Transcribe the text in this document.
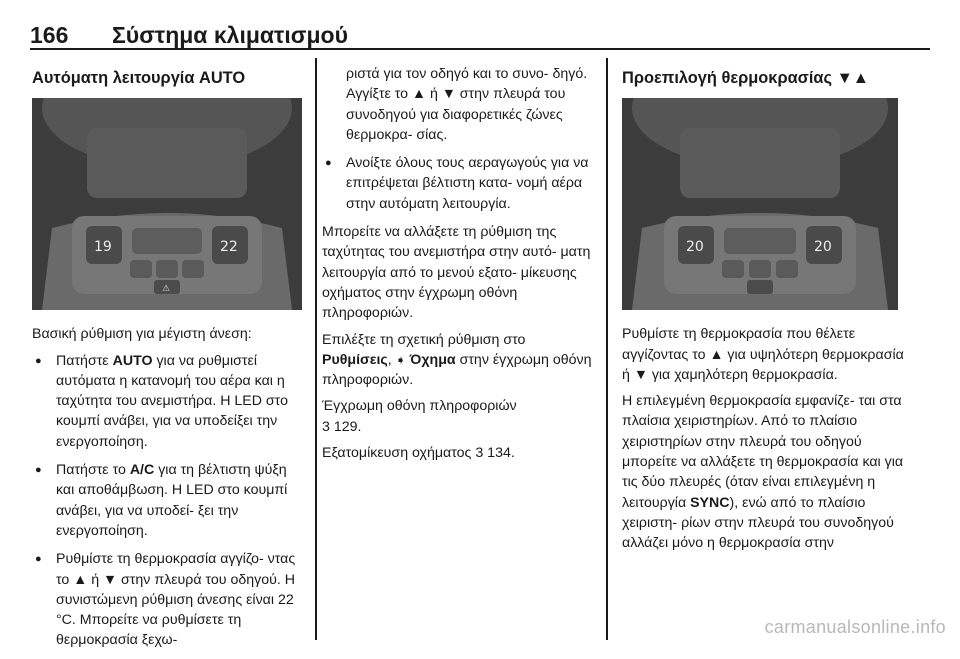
166 Σύστημα κλιματισμού
Αυτόματη λειτουργία AUTO
19	22
⚠

Βασική ρύθμιση για μέγιστη άνεση:

● Πατήστε AUTO για να ρυθμιστεί αυτόματα η κατανομή του αέρα και η ταχύτητα του ανεμιστήρα. Η LED στο κουμπί ανάβει, για να υποδείξει την ενεργοποίηση.
● Πατήστε το A/C για τη βέλτιστη ψύξη και αποθάμβωση. Η LED στο κουμπί ανάβει, για να υποδεί‐ ξει την ενεργοποίηση.
● Ρυθμίστε τη θερμοκρασία αγγίζο‐ ντας το ▲ ή ▼ στην πλευρά του οδηγού. Η συνιστώμενη ρύθμιση άνεσης είναι 22 °C. Μπορείτε να ρυθμίσετε τη θερμοκρασία ξεχω‐
ριστά για τον οδηγό και το συνο‐ δηγό. Αγγίξτε το ▲ ή ▼ στην πλευρά του συνοδηγού για διαφορετικές ζώνες θερμοκρα‐ σίας.
● Ανοίξτε όλους τους αεραγωγούς για να επιτρέψεται βέλτιστη κατα‐ νομή αέρα στην αυτόματη λειτουργία.

Μπορείτε να αλλάξετε τη ρύθμιση της ταχύτητας του ανεμιστήρα στην αυτό‐ ματη λειτουργία από το μενού εξατο‐ μίκευσης οχήματος στην έγχρωμη οθόνη πληροφοριών.

Επιλέξτε τη σχετική ρύθμιση στο Ρυθμίσεις, ➧ Όχημα στην έγχρωμη οθόνη πληροφοριών.

Έγχρωμη οθόνη πληροφοριών
3 129.

Εξατομίκευση οχήματος 3 134.

Προεπιλογή θερμοκρασίας ▼▲
20	20

Ρυθμίστε τη θερμοκρασία που θέλετε αγγίζοντας το ▲ για υψηλότερη θερμοκρασία ή ▼ για χαμηλότερη θερμοκρασία.

Η επιλεγμένη θερμοκρασία εμφανίζε‐ ται στα πλαίσια χειριστηρίων. Από το πλαίσιο χειριστηρίων στην πλευρά του οδηγού μπορείτε να αλλάξετε τη θερμοκρασία και για τις δύο πλευρές (όταν είναι επιλεγμένη η λειτουργία SYNC), ενώ από το πλαίσιο χειριστη‐ ρίων στην πλευρά του συνοδηγού αλλάζει μόνο η θερμοκρασία στην

carmanualsonline.info
